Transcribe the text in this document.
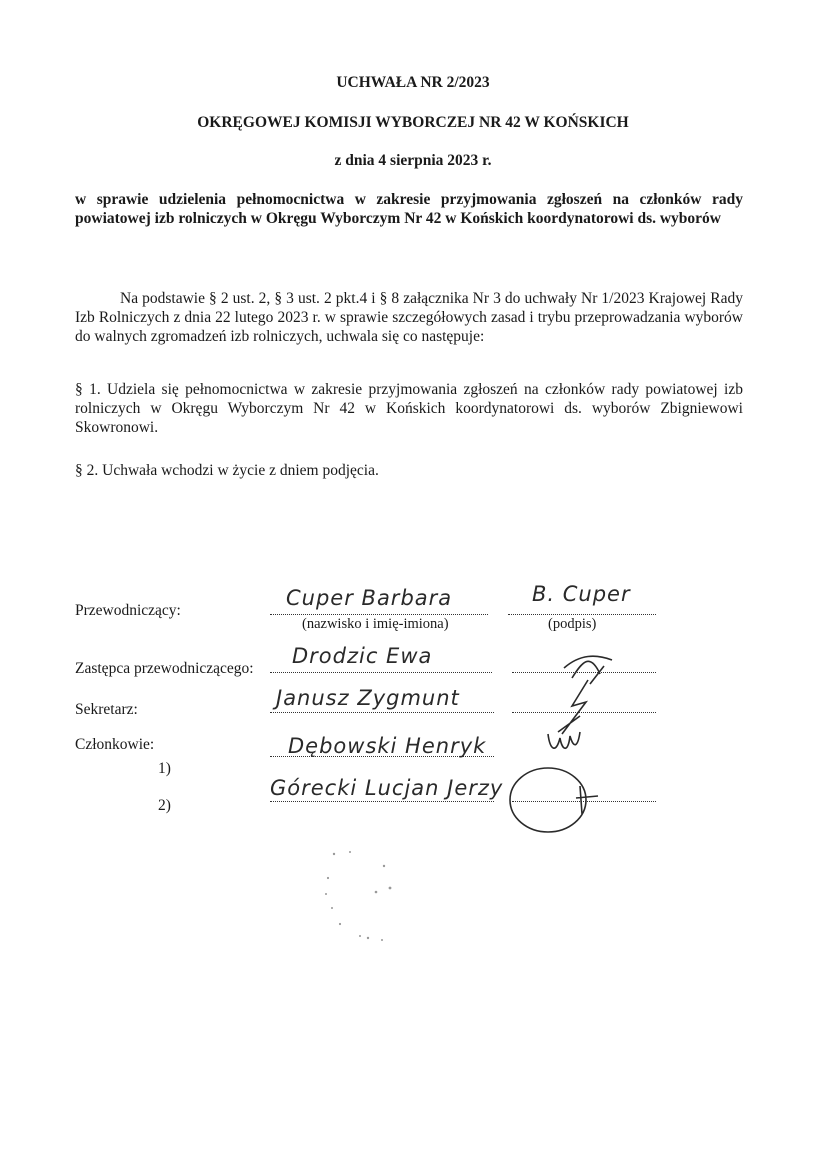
UCHWAŁA NR 2/2023
OKRĘGOWEJ KOMISJI WYBORCZEJ NR 42 W KOŃSKICH
z dnia 4 sierpnia 2023 r.
w sprawie udzielenia pełnomocnictwa w zakresie przyjmowania zgłoszeń na członków rady powiatowej izb rolniczych w Okręgu Wyborczym Nr 42 w Końskich koordynatorowi ds. wyborów
Na podstawie § 2 ust. 2, § 3 ust. 2 pkt.4 i § 8 załącznika Nr 3 do uchwały Nr 1/2023 Krajowej Rady Izb Rolniczych z dnia 22 lutego 2023 r. w sprawie szczegółowych zasad i trybu przeprowadzania wyborów do walnych zgromadzeń izb rolniczych, uchwala się co następuje:
§ 1. Udziela się pełnomocnictwa w zakresie przyjmowania zgłoszeń na członków rady powiatowej izb rolniczych w Okręgu Wyborczym Nr 42 w Końskich koordynatorowi ds. wyborów Zbigniewowi Skowronowi.
§ 2. Uchwała wchodzi w życie z dniem podjęcia.
Przewodniczący:
Cuper Barbara	B. Cuper
(nazwisko i imię-imiona)	(podpis)
Zastępca przewodniczącego:
Drodzic Ewa
Sekretarz:	Janusz Zygmunt
Członkowie:
1)
Dębowski Henryk
2)
Górecki Lucjan Jerzy
